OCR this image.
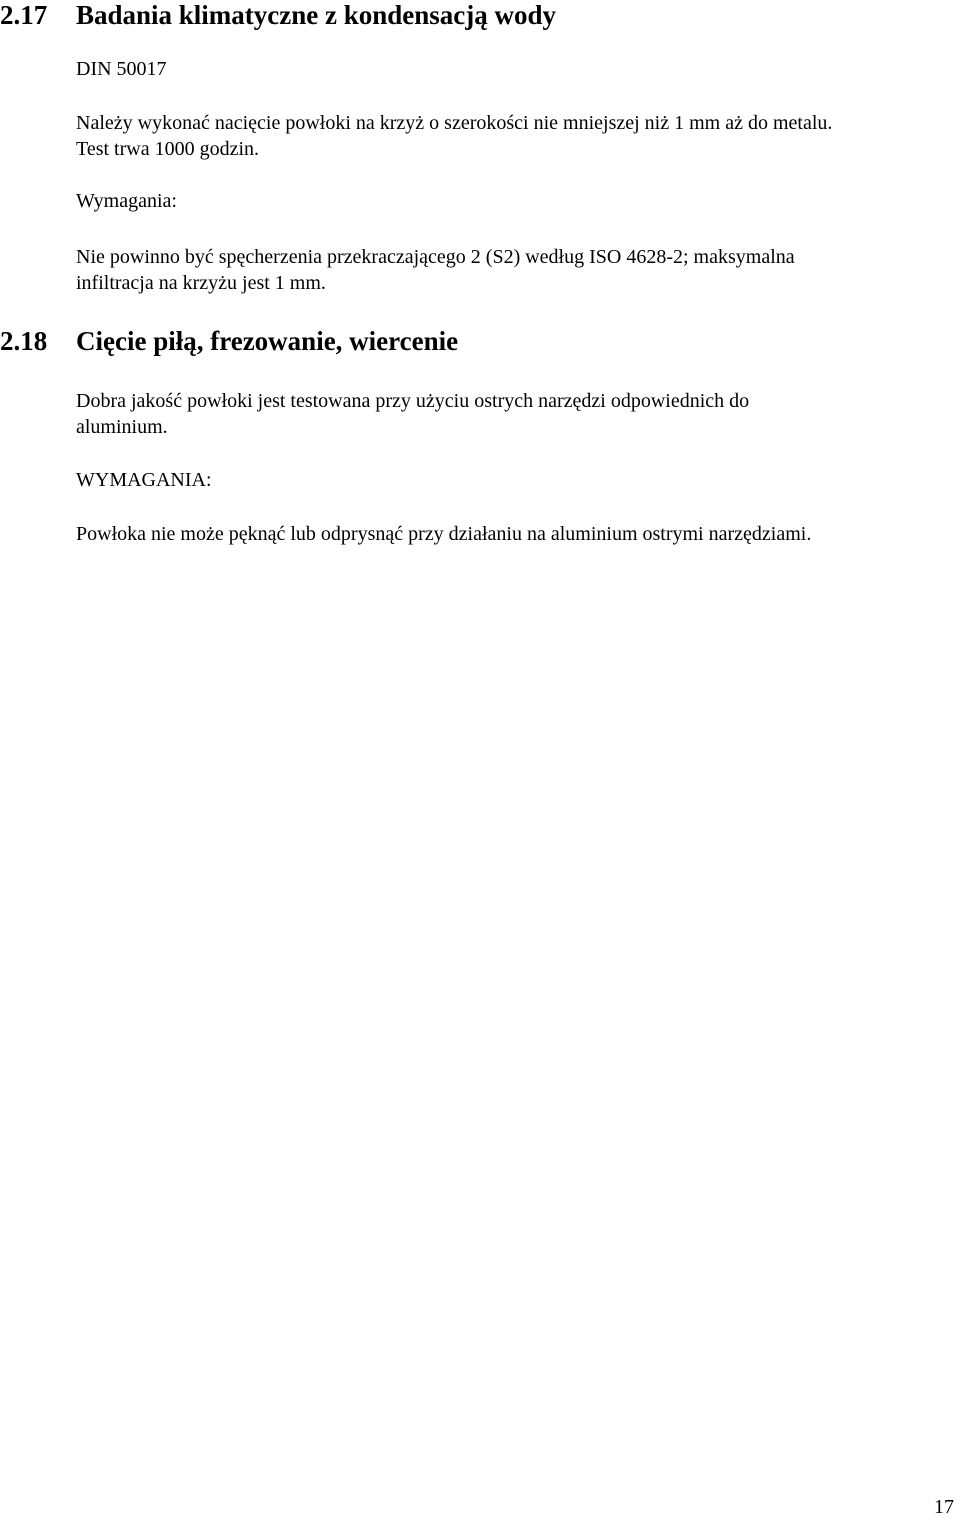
2.17 Badania klimatyczne z kondensacją wody
DIN 50017
Należy wykonać nacięcie powłoki na krzyż o szerokości nie mniejszej niż 1 mm aż do metalu.
Test trwa 1000 godzin.
Wymagania:
Nie powinno być spęcherzenia przekraczającego 2 (S2) według ISO 4628-2; maksymalna
infiltracja na krzyżu jest 1 mm.
2.18 Cięcie piłą, frezowanie, wiercenie
Dobra jakość powłoki jest testowana przy użyciu ostrych narzędzi odpowiednich do
aluminium.
WYMAGANIA:
Powłoka nie może pęknąć lub odprysnąć przy działaniu na aluminium ostrymi narzędziami.
17
